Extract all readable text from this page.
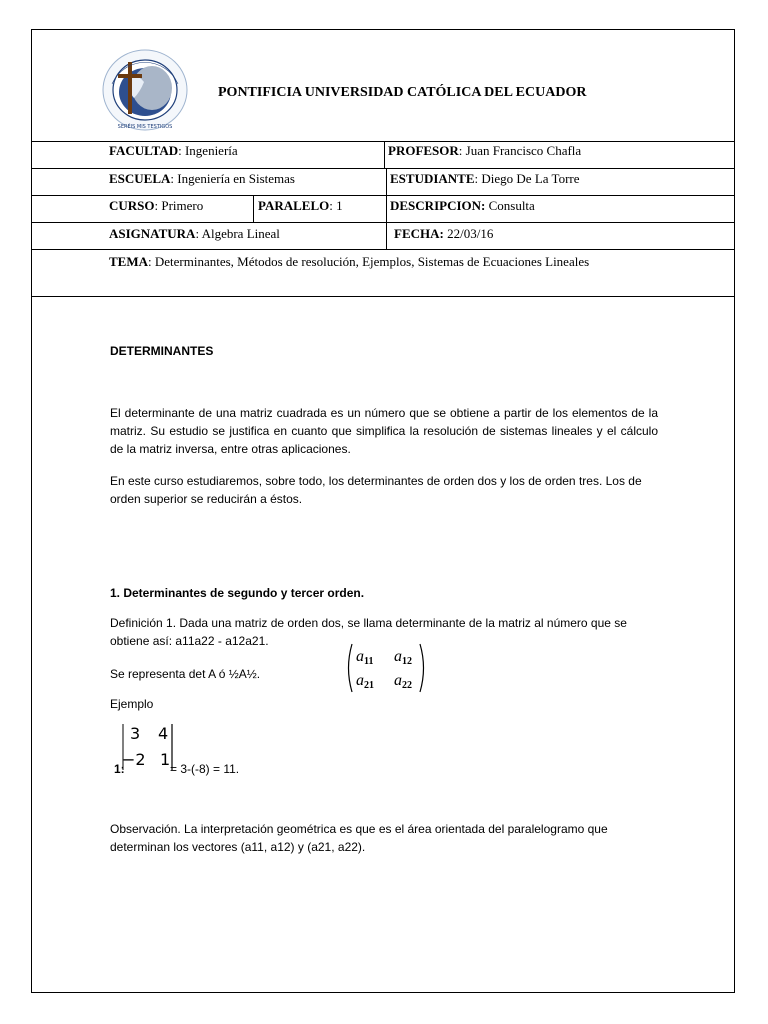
SERÉIS MIS TESTIGOS
PONTIFICIA UNIVERSIDAD CATÓLICA DEL ECUADOR
FACULTAD: Ingeniería	PROFESOR: Juan Francisco Chafla
ESCUELA: Ingeniería en Sistemas	ESTUDIANTE: Diego De La Torre
CURSO: Primero	PARALELO: 1	DESCRIPCION: Consulta
ASIGNATURA: Algebra Lineal	FECHA: 22/03/16
TEMA: Determinantes, Métodos de resolución, Ejemplos, Sistemas de Ecuaciones Lineales
DETERMINANTES
El determinante de una matriz cuadrada es un número que se obtiene a partir de los elementos de la matriz. Su estudio se justifica en cuanto que simplifica la resolución de sistemas lineales y el cálculo de la matriz inversa, entre otras aplicaciones.
En este curso estudiaremos, sobre todo, los determinantes de orden dos y los de orden tres. Los de orden superior se reducirán a éstos.
1. Determinantes de segundo y tercer orden.
Definición 1. Dada una matriz de orden dos, se llama determinante de la matriz al número que se obtiene así: a11a22 - a12a21.
Se representa det A ó ½A½.
$a_{11}$ $a_{12}$
$a_{21}$ $a_{22}$
Ejemplo
1:
3 4
−2 1 = 3-(-8) = 11.
Observación. La interpretación geométrica es que es el área orientada del paralelogramo que determinan los vectores (a11, a12) y (a21, a22).
